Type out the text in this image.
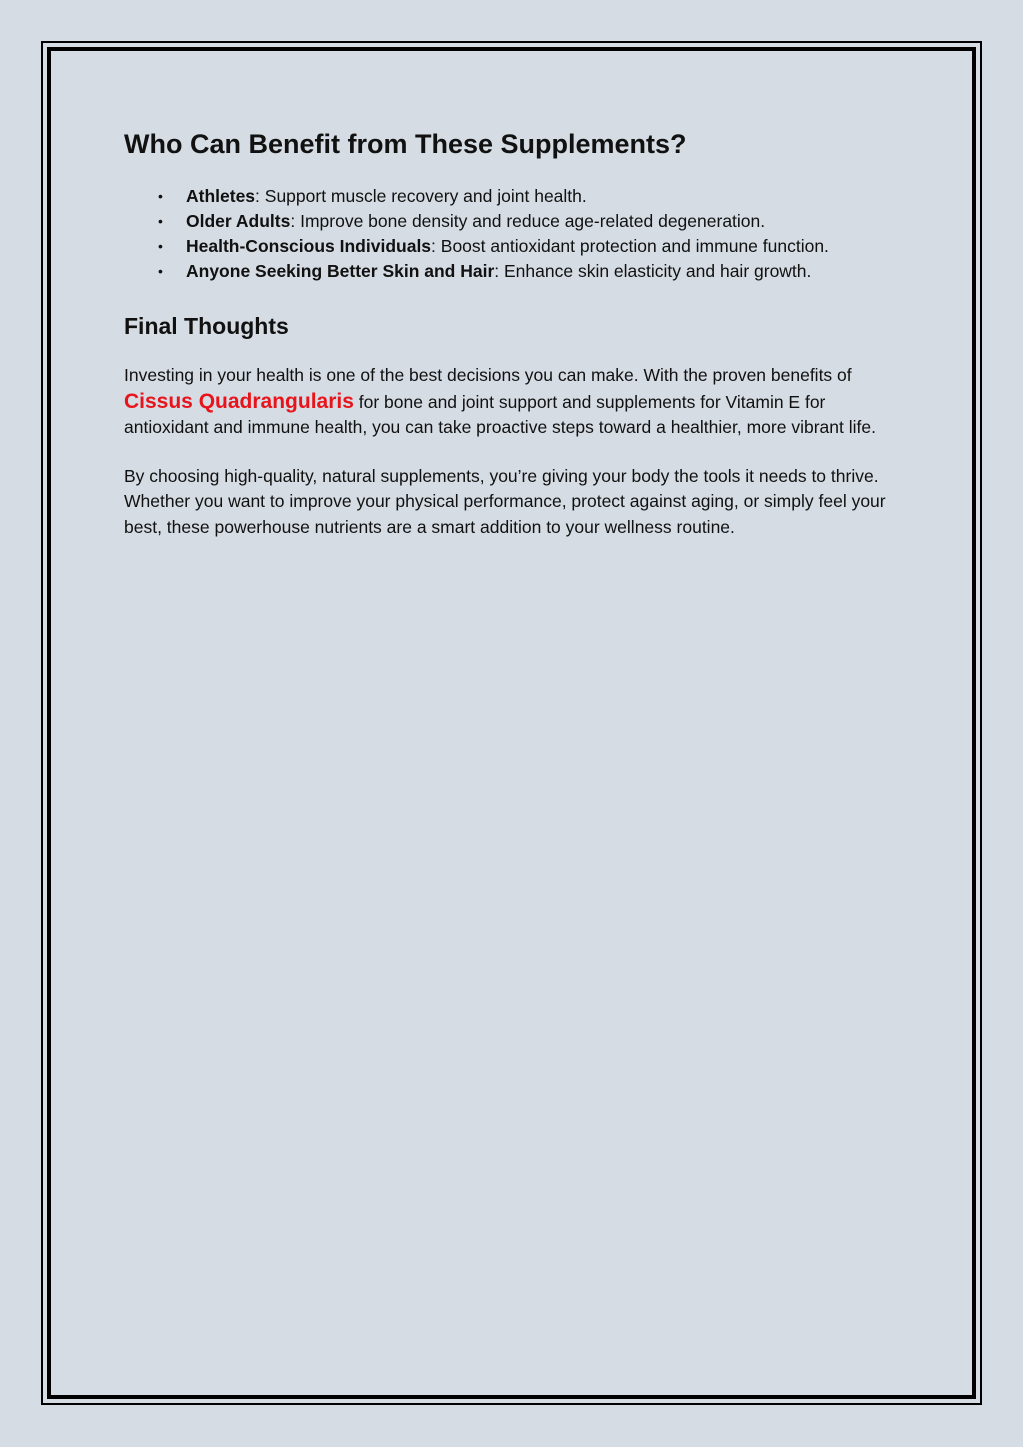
Who Can Benefit from These Supplements?
• Athletes: Support muscle recovery and joint health.
• Older Adults: Improve bone density and reduce age-related degeneration.
• Health-Conscious Individuals: Boost antioxidant protection and immune function.
• Anyone Seeking Better Skin and Hair: Enhance skin elasticity and hair growth.
Final Thoughts

Investing in your health is one of the best decisions you can make. With the proven benefits of Cissus Quadrangularis for bone and joint support and supplements for Vitamin E for antioxidant and immune health, you can take proactive steps toward a healthier, more vibrant life.

By choosing high-quality, natural supplements, you’re giving your body the tools it needs to thrive. Whether you want to improve your physical performance, protect against aging, or simply feel your best, these powerhouse nutrients are a smart addition to your wellness routine.
